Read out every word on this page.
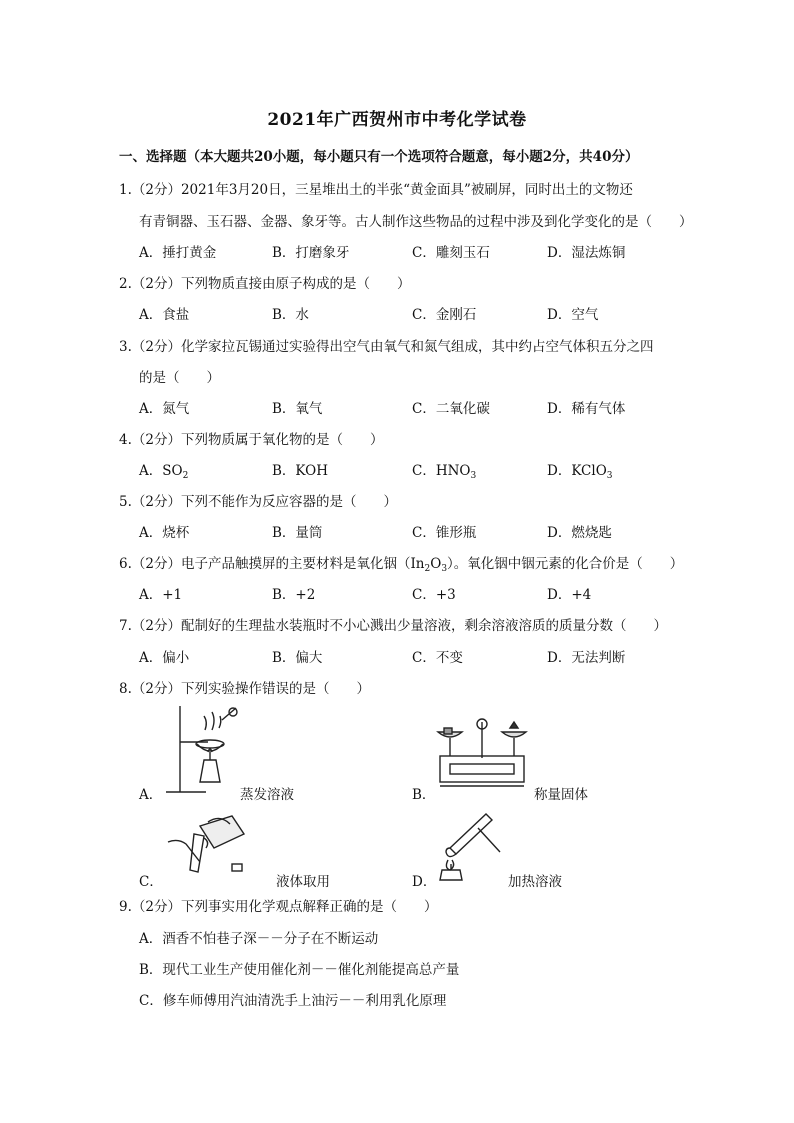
2021年广西贺州市中考化学试卷
一、选择题（本大题共20小题，每小题只有一个选项符合题意，每小题2分，共40分）
1.（2分）2021年3月20日，三星堆出土的半张“黄金面具”被刷屏，同时出土的文物还
有青铜器、玉石器、金器、象牙等。古人制作这些物品的过程中涉及到化学变化的是（　　）
A．捶打黄金	B．打磨象牙	C．雕刻玉石	D．湿法炼铜
2.（2分）下列物质直接由原子构成的是（　　）
A．食盐	B．水	C．金刚石	D．空气
3.（2分）化学家拉瓦锡通过实验得出空气由氧气和氮气组成，其中约占空气体积五分之四
的是（　　）
A．氮气	B．氧气	C．二氧化碳	D．稀有气体
4.（2分）下列物质属于氧化物的是（　　）
A．$SO_2$	B．KOH	C．$HNO_3$	D．KClO$_3$
5.（2分）下列不能作为反应容器的是（　　）
A．烧杯	B．量筒	C．锥形瓶	D．燃烧匙
6.（2分）电子产品触摸屏的主要材料是氧化铟$(In_2O_3)$。氧化铟中铟元素的化合价是（　　）
A．+1	B．+2	C．+3	D．+4
7.（2分）配制好的生理盐水装瓶时不小心溅出少量溶液，剩余溶液溶质的质量分数（　　）
A．偏小	B．偏大	C．不变	D．无法判断
8.（2分）下列实验操作错误的是（　　）
A．	蒸发溶液	B．	称量固体
C．	液体取用	D．	加热溶液
9.（2分）下列事实用化学观点解释正确的是（　　）
A．酒香不怕巷子深－－分子在不断运动
B．现代工业生产使用催化剂－－催化剂能提高总产量
C．修车师傅用汽油清洗手上油污－－利用乳化原理
